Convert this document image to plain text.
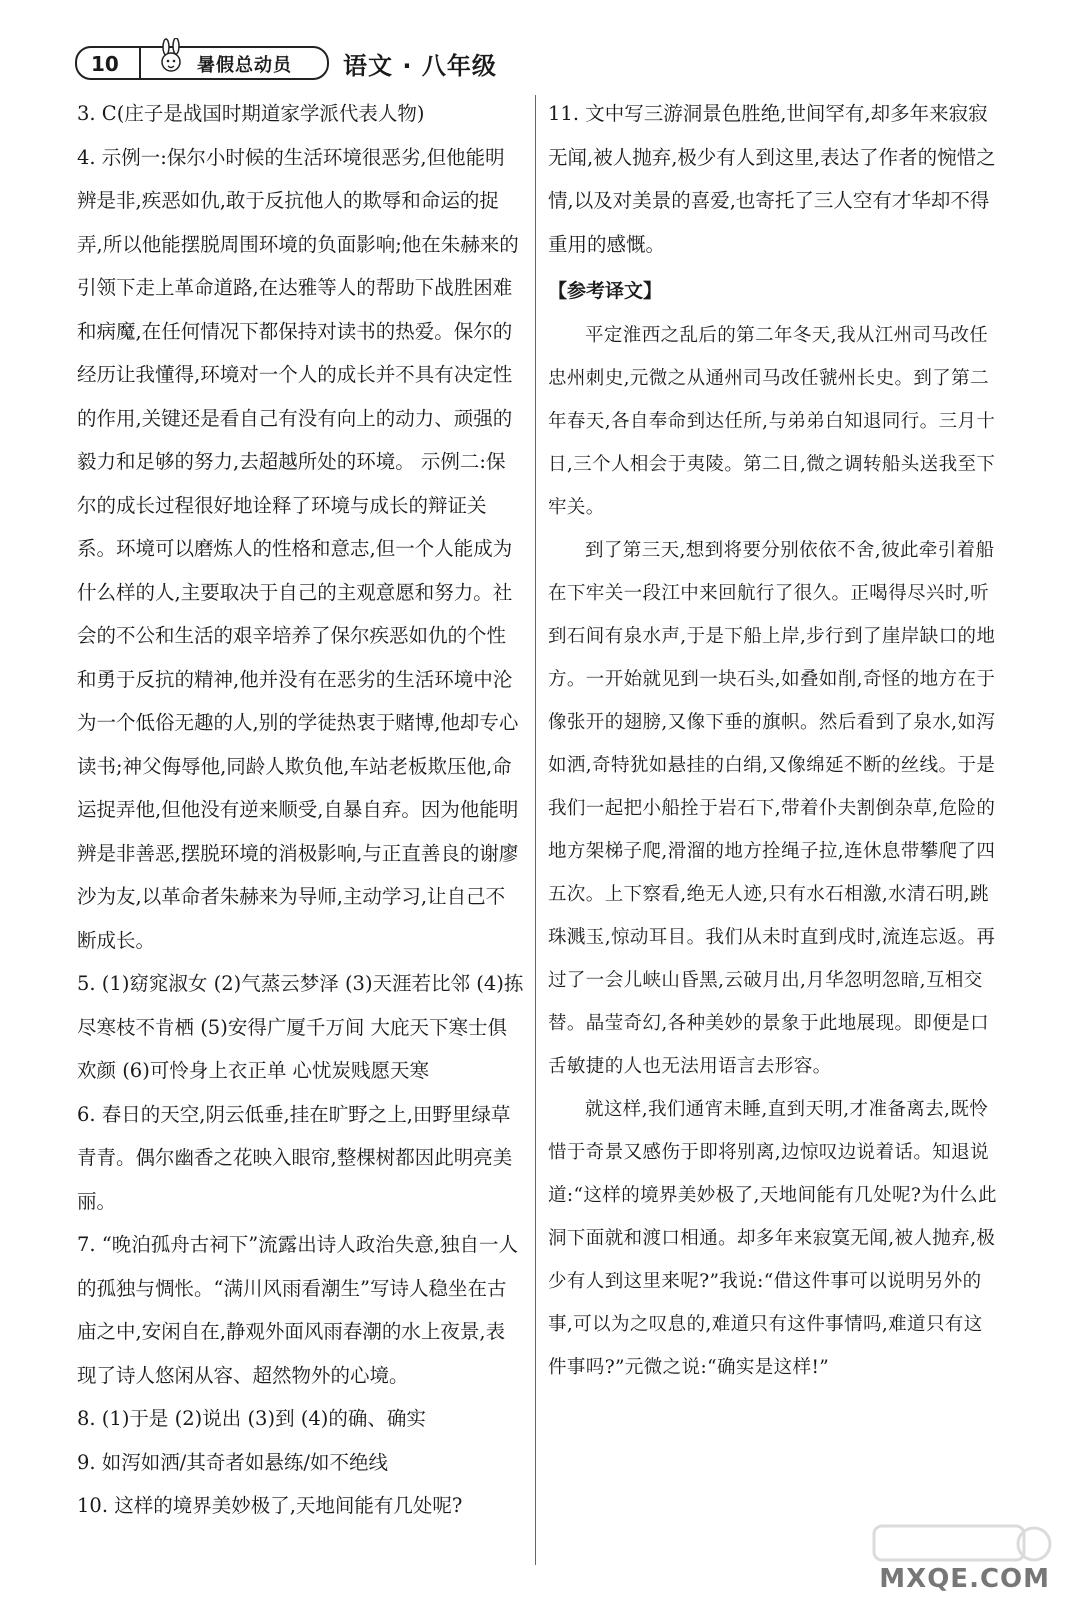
10	暑假总动员 语文 · 八年级

3. C(庄子是战国时期道家学派代表人物)

4. 示例一:保尔小时候的生活环境很恶劣,但他能明辨是非,疾恶如仇,敢于反抗他人的欺辱和命运的捉弄,所以他能摆脱周围环境的负面影响;他在朱赫来的引领下走上革命道路,在达雅等人的帮助下战胜困难和病魔,在任何情况下都保持对读书的热爱。保尔的经历让我懂得,环境对一个人的成长并不具有决定性的作用,关键还是看自己有没有向上的动力、顽强的毅力和足够的努力,去超越所处的环境。 示例二:保尔的成长过程很好地诠释了环境与成长的辩证关系。环境可以磨炼人的性格和意志,但一个人能成为什么样的人,主要取决于自己的主观意愿和努力。社会的不公和生活的艰辛培养了保尔疾恶如仇的个性和勇于反抗的精神,他并没有在恶劣的生活环境中沦为一个低俗无趣的人,别的学徒热衷于赌博,他却专心读书;神父侮辱他,同龄人欺负他,车站老板欺压他,命运捉弄他,但他没有逆来顺受,自暴自弃。因为他能明辨是非善恶,摆脱环境的消极影响,与正直善良的谢廖沙为友,以革命者朱赫来为导师,主动学习,让自己不断成长。

5. (1)窈窕淑女 (2)气蒸云梦泽 (3)天涯若比邻 (4)拣尽寒枝不肯栖 (5)安得广厦千万间 大庇天下寒士俱欢颜 (6)可怜身上衣正单 心忧炭贱愿天寒

6. 春日的天空,阴云低垂,挂在旷野之上,田野里绿草青青。偶尔幽香之花映入眼帘,整棵树都因此明亮美丽。

7. “晚泊孤舟古祠下”流露出诗人政治失意,独自一人的孤独与惆怅。“满川风雨看潮生”写诗人稳坐在古庙之中,安闲自在,静观外面风雨春潮的水上夜景,表现了诗人悠闲从容、超然物外的心境。

8. (1)于是 (2)说出 (3)到 (4)的确、确实

9. 如泻如洒/其奇者如悬练/如不绝线

10. 这样的境界美妙极了,天地间能有几处呢?

11. 文中写三游洞景色胜绝,世间罕有,却多年来寂寂无闻,被人抛弃,极少有人到这里,表达了作者的惋惜之情,以及对美景的喜爱,也寄托了三人空有才华却不得重用的感慨。

【参考译文】

平定淮西之乱后的第二年冬天,我从江州司马改任忠州刺史,元微之从通州司马改任虢州长史。到了第二年春天,各自奉命到达任所,与弟弟白知退同行。三月十日,三个人相会于夷陵。第二日,微之调转船头送我至下牢关。

到了第三天,想到将要分别依依不舍,彼此牵引着船在下牢关一段江中来回航行了很久。正喝得尽兴时,听到石间有泉水声,于是下船上岸,步行到了崖岸缺口的地方。一开始就见到一块石头,如叠如削,奇怪的地方在于像张开的翅膀,又像下垂的旗帜。然后看到了泉水,如泻如洒,奇特犹如悬挂的白绢,又像绵延不断的丝线。于是我们一起把小船拴于岩石下,带着仆夫割倒杂草,危险的地方架梯子爬,滑溜的地方拴绳子拉,连休息带攀爬了四五次。上下察看,绝无人迹,只有水石相激,水清石明,跳珠溅玉,惊动耳目。我们从未时直到戌时,流连忘返。再过了一会儿峡山昏黑,云破月出,月华忽明忽暗,互相交替。晶莹奇幻,各种美妙的景象于此地展现。即便是口舌敏捷的人也无法用语言去形容。

就这样,我们通宵未睡,直到天明,才准备离去,既怜惜于奇景又感伤于即将别离,边惊叹边说着话。知退说道:“这样的境界美妙极了,天地间能有几处呢?为什么此洞下面就和渡口相通。却多年来寂寞无闻,被人抛弃,极少有人到这里来呢?”我说:“借这件事可以说明另外的事,可以为之叹息的,难道只有这件事情吗,难道只有这件事吗?”元微之说:“确实是这样!”

MXQE.COM
